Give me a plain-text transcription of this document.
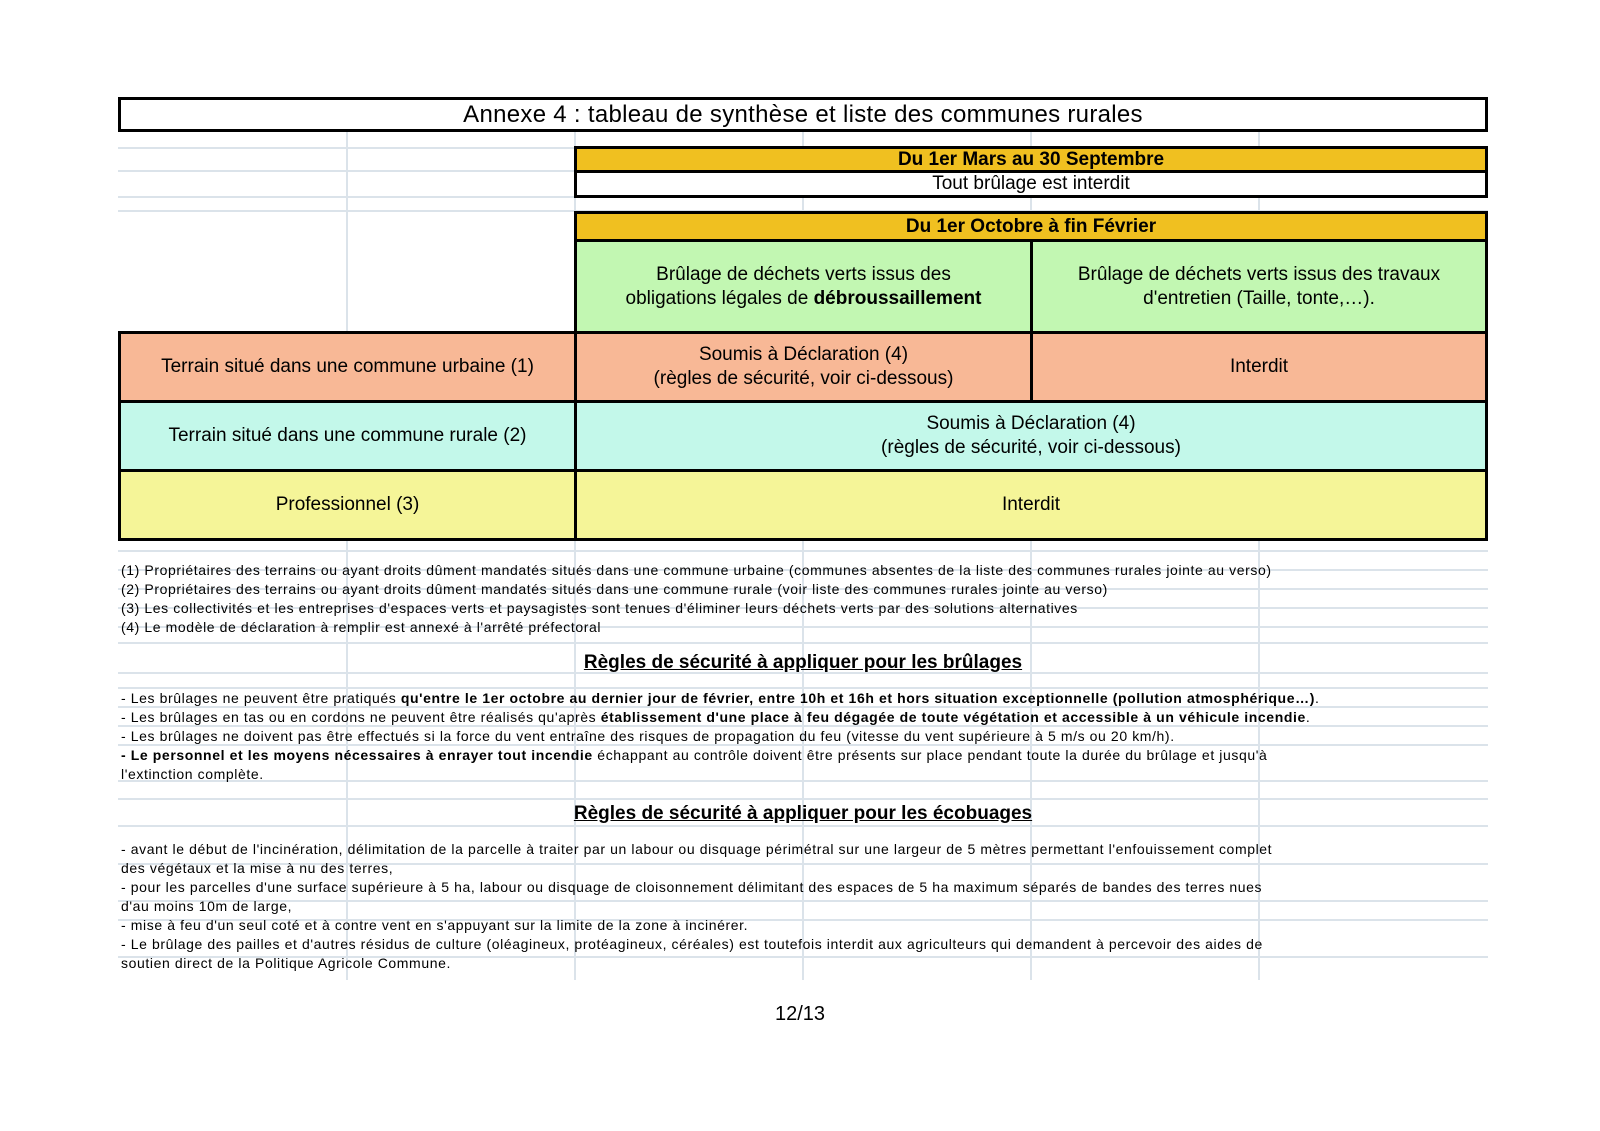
Annexe 4 : tableau de synthèse et liste des communes rurales
Du 1er Mars au 30 Septembre
Tout brûlage est interdit
Du 1er Octobre à fin Février
Brûlage de déchets verts issus des
obligations légales de débroussaillement
Brûlage de déchets verts issus des travaux
d'entretien (Taille, tonte,…).
Terrain situé dans une commune urbaine (1)
Soumis à Déclaration (4)
(règles de sécurité, voir ci-dessous)
Interdit
Terrain situé dans une commune rurale (2)
Soumis à Déclaration (4)
(règles de sécurité, voir ci-dessous)
Professionnel (3)	Interdit
(1) Propriétaires des terrains ou ayant droits dûment mandatés situés dans une commune urbaine (communes absentes de la liste des communes rurales jointe au verso)
(2) Propriétaires des terrains ou ayant droits dûment mandatés situés dans une commune rurale (voir liste des communes rurales jointe au verso)
(3) Les collectivités et les entreprises d'espaces verts et paysagistes sont tenues d'éliminer leurs déchets verts par des solutions alternatives
(4) Le modèle de déclaration à remplir est annexé à l'arrêté préfectoral
Règles de sécurité à appliquer pour les brûlages
- Les brûlages ne peuvent être pratiqués qu'entre le 1er octobre au dernier jour de février, entre 10h et 16h et hors situation exceptionnelle (pollution atmosphérique…).
- Les brûlages en tas ou en cordons ne peuvent être réalisés qu'après établissement d'une place à feu dégagée de toute végétation et accessible à un véhicule incendie.
- Les brûlages ne doivent pas être effectués si la force du vent entraîne des risques de propagation du feu (vitesse du vent supérieure à 5 m/s ou 20 km/h).
- Le personnel et les moyens nécessaires à enrayer tout incendie échappant au contrôle doivent être présents sur place pendant toute la durée du brûlage et jusqu'à
l'extinction complète.
Règles de sécurité à appliquer pour les écobuages
- avant le début de l'incinération, délimitation de la parcelle à traiter par un labour ou disquage périmétral sur une largeur de 5 mètres permettant l'enfouissement complet
des végétaux et la mise à nu des terres,
- pour les parcelles d'une surface supérieure à 5 ha, labour ou disquage de cloisonnement délimitant des espaces de 5 ha maximum séparés de bandes des terres nues
d'au moins 10m de large,
- mise à feu d'un seul coté et à contre vent en s'appuyant sur la limite de la zone à incinérer.
- Le brûlage des pailles et d'autres résidus de culture (oléagineux, protéagineux, céréales) est toutefois interdit aux agriculteurs qui demandent à percevoir des aides de
soutien direct de la Politique Agricole Commune.
12/13
